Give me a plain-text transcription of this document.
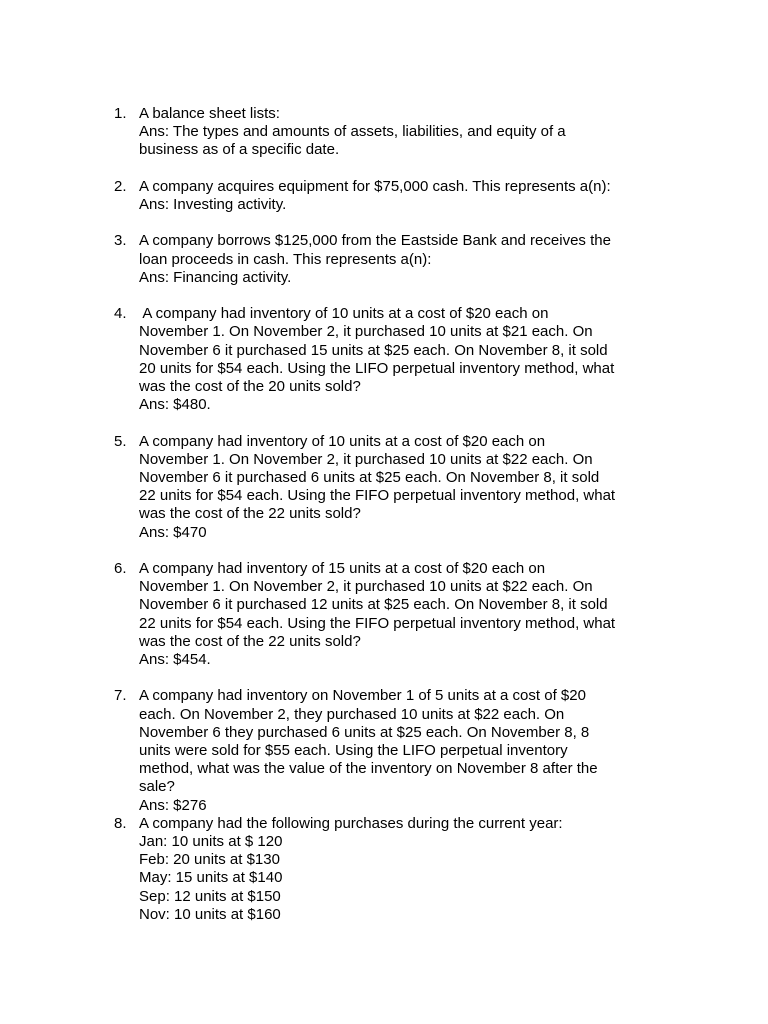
1. A balance sheet lists:
Ans: The types and amounts of assets, liabilities, and equity of a
business as of a specific date.
2. A company acquires equipment for $75,000 cash. This represents a(n):
Ans: Investing activity.
3. A company borrows $125,000 from the Eastside Bank and receives the
loan proceeds in cash. This represents a(n):
Ans: Financing activity.
4. A company had inventory of 10 units at a cost of $20 each on
November 1. On November 2, it purchased 10 units at $21 each. On
November 6 it purchased 15 units at $25 each. On November 8, it sold
20 units for $54 each. Using the LIFO perpetual inventory method, what
was the cost of the 20 units sold?
Ans: $480.
5. A company had inventory of 10 units at a cost of $20 each on
November 1. On November 2, it purchased 10 units at $22 each. On
November 6 it purchased 6 units at $25 each. On November 8, it sold
22 units for $54 each. Using the FIFO perpetual inventory method, what
was the cost of the 22 units sold?
Ans: $470
6. A company had inventory of 15 units at a cost of $20 each on
November 1. On November 2, it purchased 10 units at $22 each. On
November 6 it purchased 12 units at $25 each. On November 8, it sold
22 units for $54 each. Using the FIFO perpetual inventory method, what
was the cost of the 22 units sold?
Ans: $454.
7. A company had inventory on November 1 of 5 units at a cost of $20
each. On November 2, they purchased 10 units at $22 each. On
November 6 they purchased 6 units at $25 each. On November 8, 8
units were sold for $55 each. Using the LIFO perpetual inventory
method, what was the value of the inventory on November 8 after the
sale?
Ans: $276
8. A company had the following purchases during the current year:
Jan: 10 units at $ 120
Feb: 20 units at $130
May: 15 units at $140
Sep: 12 units at $150
Nov: 10 units at $160
